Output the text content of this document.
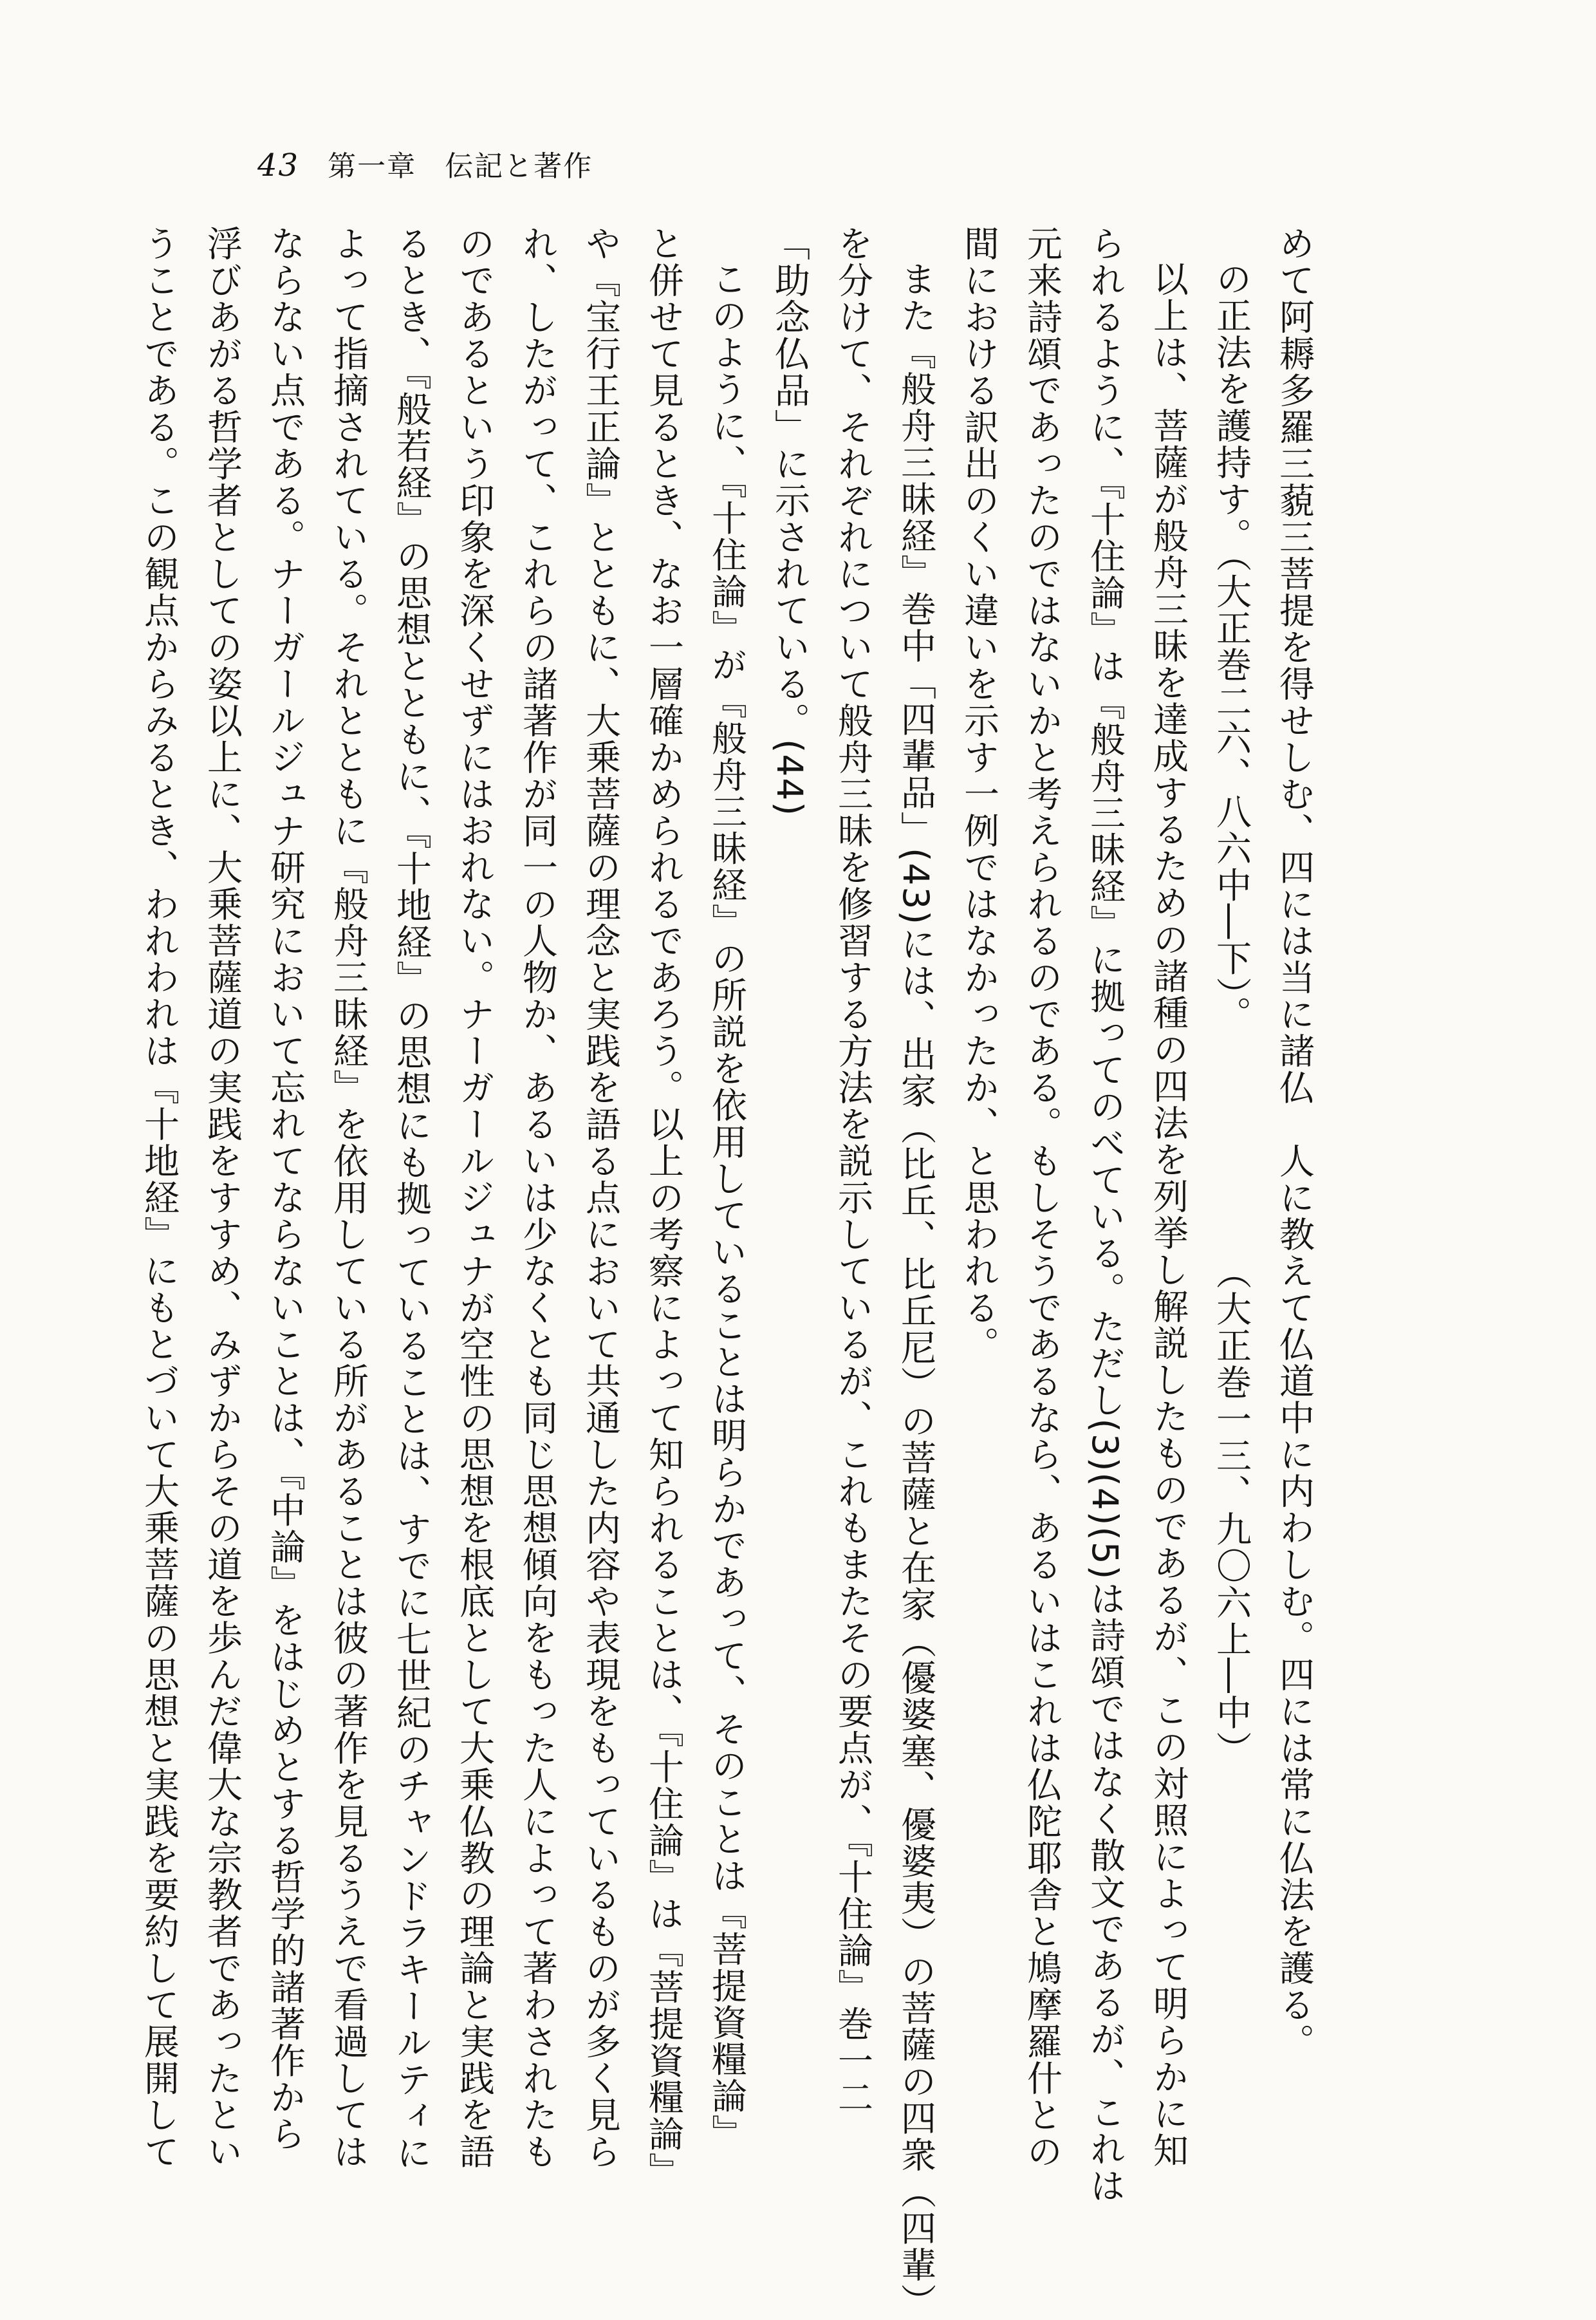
43 第一章 伝記と著作
めて阿耨多羅三藐三菩提を得せしむ、四には当に諸仏　人に教えて仏道中に内わしむ。四には常に仏法を護る。
の正法を護持す。（大正巻二六、八六中―下）。　　　　　　　（大正巻一三、九〇六上―中）
以上は、菩薩が般舟三昧を達成するための諸種の四法を列挙し解説したものであるが、この対照によって明らかに知
られるように、『十住論』は『般舟三昧経』に拠ってのべている。ただし(3)(4)(5)は詩頌ではなく散文であるが、これは
元来詩頌であったのではないかと考えられるのである。もしそうであるなら、あるいはこれは仏陀耶舎と鳩摩羅什との
間における訳出のくい違いを示す一例ではなかったか、と思われる。
また『般舟三昧経』巻中「四輩品」(43)には、出家（比丘、比丘尼）の菩薩と在家（優婆塞、優婆夷）の菩薩の四衆（四輩）
を分けて、それぞれについて般舟三昧を修習する方法を説示しているが、これもまたその要点が、『十住論』巻一二
「助念仏品」に示されている。(44)
このように、『十住論』が『般舟三昧経』の所説を依用していることは明らかであって、そのことは『菩提資糧論』
と併せて見るとき、なお一層確かめられるであろう。以上の考察によって知られることは、『十住論』は『菩提資糧論』
や『宝行王正論』とともに、大乗菩薩の理念と実践を語る点において共通した内容や表現をもっているものが多く見ら
れ、したがって、これらの諸著作が同一の人物か、あるいは少なくとも同じ思想傾向をもった人によって著わされたも
のであるという印象を深くせずにはおれない。ナーガールジュナが空性の思想を根底として大乗仏教の理論と実践を語
るとき、『般若経』の思想とともに、『十地経』の思想にも拠っていることは、すでに七世紀のチャンドラキールティに
よって指摘されている。それとともに『般舟三昧経』を依用している所があることは彼の著作を見るうえで看過しては
ならない点である。ナーガールジュナ研究において忘れてならないことは、『中論』をはじめとする哲学的諸著作から
浮びあがる哲学者としての姿以上に、大乗菩薩道の実践をすすめ、みずからその道を歩んだ偉大な宗教者であったとい
うことである。この観点からみるとき、われわれは『十地経』にもとづいて大乗菩薩の思想と実践を要約して展開して
